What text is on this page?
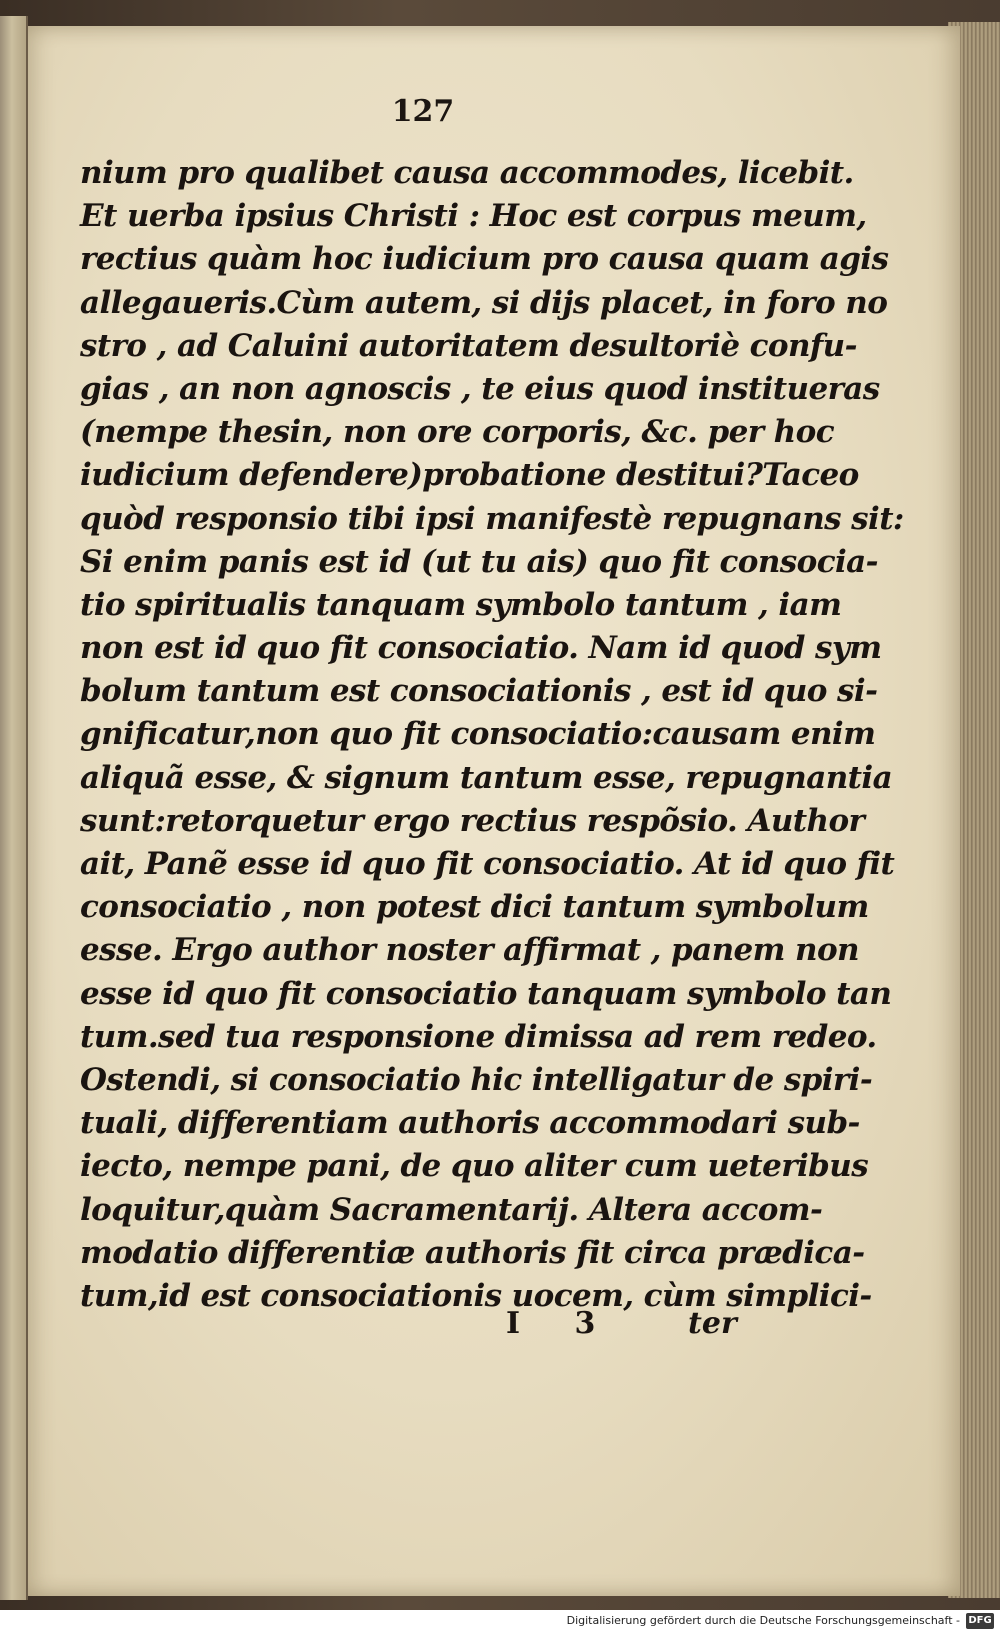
127
nium pro qualibet causa accommodes, licebit.
Et uerba ipsius Christi : Hoc est corpus meum,
rectius quàm hoc iudicium pro causa quam agis
allegaueris.Cùm autem, si dijs placet, in foro no
stro , ad Caluini autoritatem desultoriè confu-
gias , an non agnoscis , te eius quod institueras
(nempe thesin, non ore corporis, &c. per hoc
iudicium defendere)probatione destitui?Taceo
quòd responsio tibi ipsi manifestè repugnans sit:
Si enim panis est id (ut tu ais) quo fit consocia-
tio spiritualis tanquam symbolo tantum , iam
non est id quo fit consociatio. Nam id quod sym
bolum tantum est consociationis , est id quo si-
gnificatur,non quo fit consociatio:causam enim
aliquã esse, & signum tantum esse, repugnantia
sunt:retorquetur ergo rectius respõsio. Author
ait, Panẽ esse id quo fit consociatio. At id quo fit
consociatio , non potest dici tantum symbolum
esse. Ergo author noster affirmat , panem non
esse id quo fit consociatio tanquam symbolo tan
tum.sed tua responsione dimissa ad rem redeo.
Ostendi, si consociatio hic intelligatur de spiri-
tuali, differentiam authoris accommodari sub-
iecto, nempe pani, de quo aliter cum ueteribus
loquitur,quàm Sacramentarij. Altera accom-
modatio differentiæ authoris fit circa prædica-
tum,id est consociationis uocem, cùm simplici-
I 3 ter
Digitalisierung gefördert durch die Deutsche Forschungsgemeinschaft - DFG
